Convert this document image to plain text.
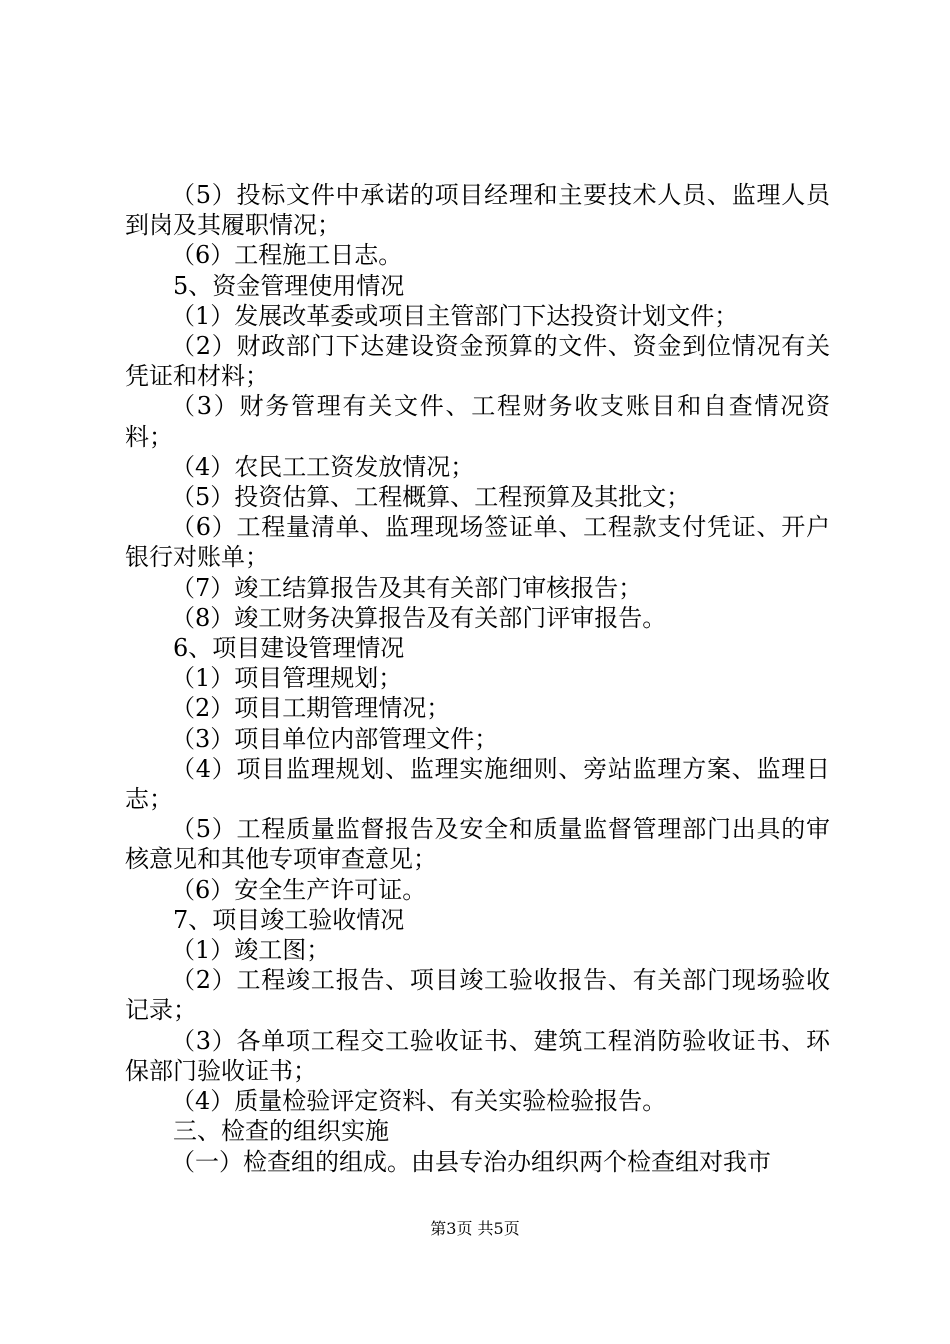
（5）投标文件中承诺的项目经理和主要技术人员、监理人员到岗及其履职情况；

（6）工程施工日志。

5、资金管理使用情况

（1）发展改革委或项目主管部门下达投资计划文件；

（2）财政部门下达建设资金预算的文件、资金到位情况有关凭证和材料；

（3）财务管理有关文件、工程财务收支账目和自查情况资料；

（4）农民工工资发放情况；

（5）投资估算、工程概算、工程预算及其批文；

（6）工程量清单、监理现场签证单、工程款支付凭证、开户银行对账单；

（7）竣工结算报告及其有关部门审核报告；

（8）竣工财务决算报告及有关部门评审报告。

6、项目建设管理情况

（1）项目管理规划；

（2）项目工期管理情况；

（3）项目单位内部管理文件；

（4）项目监理规划、监理实施细则、旁站监理方案、监理日志；

（5）工程质量监督报告及安全和质量监督管理部门出具的审核意见和其他专项审查意见；

（6）安全生产许可证。

7、项目竣工验收情况

（1）竣工图；

（2）工程竣工报告、项目竣工验收报告、有关部门现场验收记录；

（3）各单项工程交工验收证书、建筑工程消防验收证书、环保部门验收证书；

（4）质量检验评定资料、有关实验检验报告。

三、检查的组织实施

（一）检查组的组成。由县专治办组织两个检查组对我市

第3页 共5页
